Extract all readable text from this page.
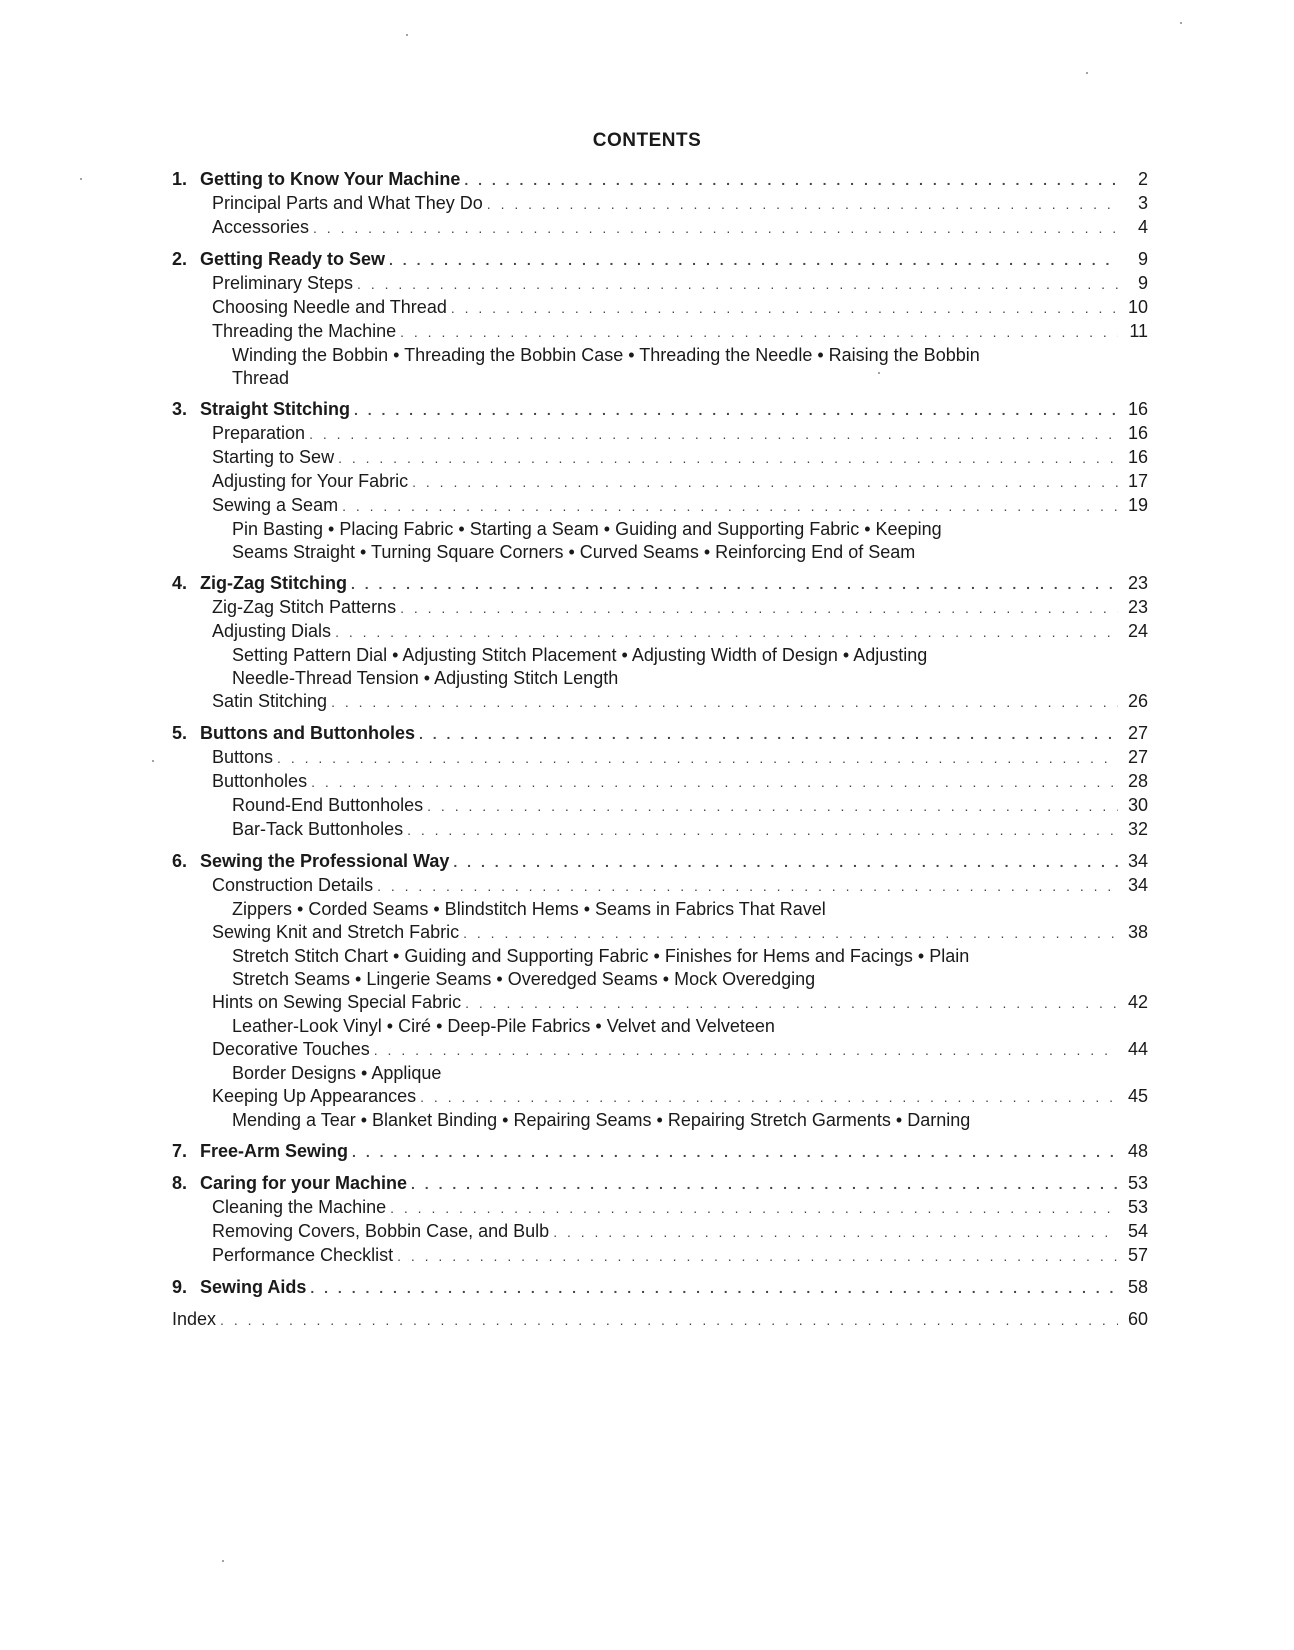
CONTENTS
1. Getting to Know Your Machine . . .	2
Principal Parts and What They Do . . .	3
Accessories . . .	4
2. Getting Ready to Sew . . .	9
Preliminary Steps . . .	9
Choosing Needle and Thread . . .	10
Threading the Machine . . .	11
Winding the Bobbin • Threading the Bobbin Case • Threading the Needle • Raising the Bobbin Thread
3. Straight Stitching . . .	16
Preparation . . .	16
Starting to Sew . . .	16
Adjusting for Your Fabric . . .	17
Sewing a Seam . . .	19
Pin Basting • Placing Fabric • Starting a Seam • Guiding and Supporting Fabric • Keeping Seams Straight • Turning Square Corners • Curved Seams • Reinforcing End of Seam
4. Zig-Zag Stitching . . .	23
Zig-Zag Stitch Patterns . . .	23
Adjusting Dials . . .	24
Setting Pattern Dial • Adjusting Stitch Placement • Adjusting Width of Design • Adjusting Needle-Thread Tension • Adjusting Stitch Length
Satin Stitching . . .	26
5. Buttons and Buttonholes . . .	27
Buttons . . .	27
Buttonholes . . .	28
Round-End Buttonholes . . .	30
Bar-Tack Buttonholes . . .	32
6. Sewing the Professional Way . . .	34
Construction Details . . .	34
Zippers • Corded Seams • Blindstitch Hems • Seams in Fabrics That Ravel
Sewing Knit and Stretch Fabric . . .	38
Stretch Stitch Chart • Guiding and Supporting Fabric • Finishes for Hems and Facings • Plain Stretch Seams • Lingerie Seams • Overedged Seams • Mock Overedging
Hints on Sewing Special Fabric . . .	42
Leather-Look Vinyl • Ciré • Deep-Pile Fabrics • Velvet and Velveteen
Decorative Touches . . .	44
Border Designs • Applique
Keeping Up Appearances . . .	45
Mending a Tear • Blanket Binding • Repairing Seams • Repairing Stretch Garments • Darning
7. Free-Arm Sewing . . .	48
8. Caring for your Machine . . .	53
Cleaning the Machine . . .	53
Removing Covers, Bobbin Case, and Bulb . . .	54
Performance Checklist . . .	57
9. Sewing Aids . . .	58
Index . . .	60
